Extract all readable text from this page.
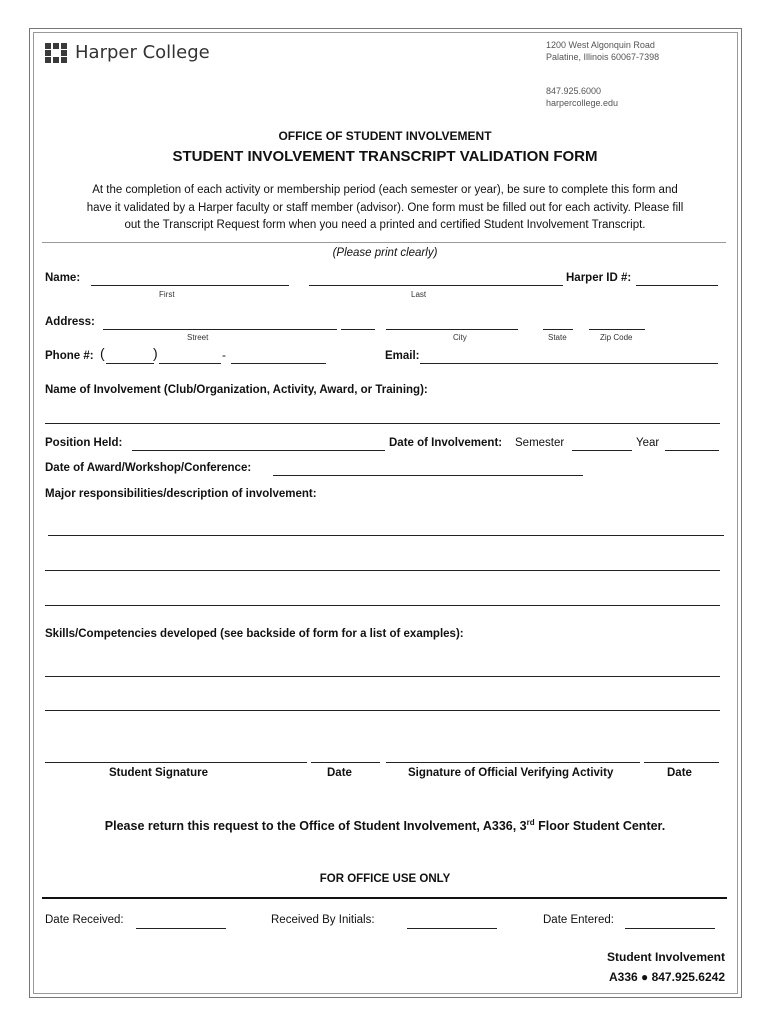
Harper College	1200 West Algonquin Road
Palatine, Illinois 60067-7398
847.925.6000
harpercollege.edu
OFFICE OF STUDENT INVOLVEMENT
STUDENT INVOLVEMENT TRANSCRIPT VALIDATION FORM
At the completion of each activity or membership period (each semester or year), be sure to complete this form and
have it validated by a Harper faculty or staff member (advisor). One form must be filled out for each activity. Please fill
out the Transcript Request form when you need a printed and certified Student Involvement Transcript.
(Please print clearly)
Name:
First	Last
Harper ID #:
Address:
Street	City	State	Zip Code
Phone #: (	)	-	Email:
Name of Involvement (Club/Organization, Activity, Award, or Training):
Position Held:	Date of Involvement: Semester	Year
Date of Award/Workshop/Conference:
Major responsibilities/description of involvement:
Skills/Competencies developed (see backside of form for a list of examples):
Student Signature	Date	Signature of Official Verifying Activity	Date
Please return this request to the Office of Student Involvement, A336, 3rd Floor Student Center.
FOR OFFICE USE ONLY
Date Received:	Received By Initials:	Date Entered:
Student Involvement
A336 ● 847.925.6242
